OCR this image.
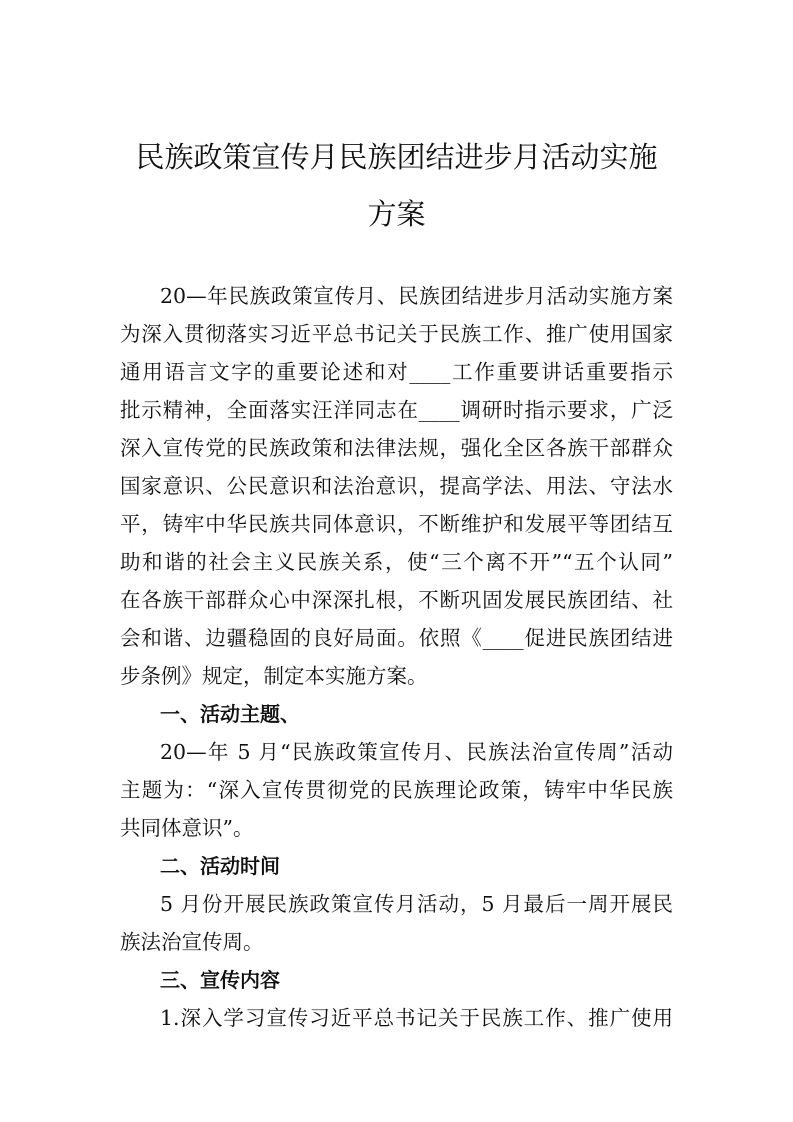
民族政策宣传月民族团结进步月活动实施
方案
20—年民族政策宣传月、民族团结进步月活动实施方案
为深入贯彻落实习近平总书记关于民族工作、推广使用国家
通用语言文字的重要论述和对____工作重要讲话重要指示
批示精神，全面落实汪洋同志在____调研时指示要求，广泛
深入宣传党的民族政策和法律法规，强化全区各族干部群众
国家意识、公民意识和法治意识，提高学法、用法、守法水
平，铸牢中华民族共同体意识，不断维护和发展平等团结互
助和谐的社会主义民族关系，使“三个离不开”“五个认同”
在各族干部群众心中深深扎根，不断巩固发展民族团结、社
会和谐、边疆稳固的良好局面。依照《____促进民族团结进
步条例》规定，制定本实施方案。
一、活动主题、
20—年 5 月“民族政策宣传月、民族法治宣传周”活动
主题为：“深入宣传贯彻党的民族理论政策，铸牢中华民族
共同体意识”。
二、活动时间
5 月份开展民族政策宣传月活动，5 月最后一周开展民
族法治宣传周。
三、宣传内容
1.深入学习宣传习近平总书记关于民族工作、推广使用
